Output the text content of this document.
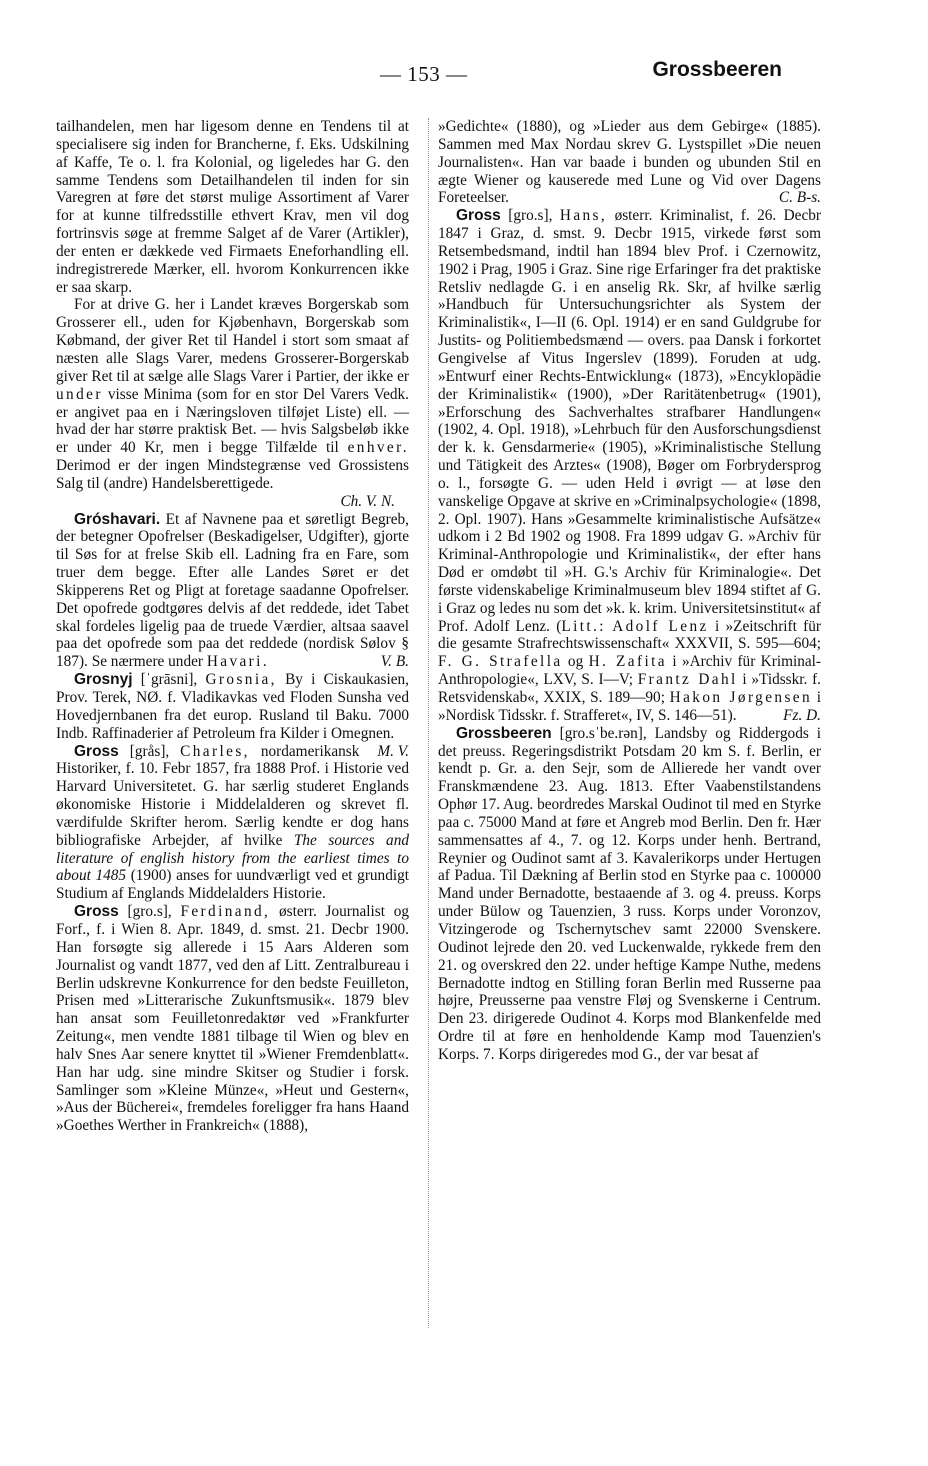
— 153 —	Grossbeeren

tailhandelen, men har ligesom denne en Tendens til at specialisere sig inden for Brancherne, f. Eks. Udskilning af Kaffe, Te o. l. fra Kolonial, og ligeledes har G. den samme Tendens som Detailhandelen til inden for sin Varegren at føre det størst mulige Assortiment af Varer for at kunne tilfredsstille ethvert Krav, men vil dog fortrinsvis søge at fremme Salget af de Varer (Artikler), der enten er dækkede ved Firmaets Eneforhandling ell. indregistrerede Mærker, ell. hvorom Konkurrencen ikke er saa skarp.

For at drive G. her i Landet kræves Borgerskab som Grosserer ell., uden for Kjøbenhavn, Borgerskab som Købmand, der giver Ret til Handel i stort som smaat af næsten alle Slags Varer, medens Grosserer-Borgerskab giver Ret til at sælge alle Slags Varer i Partier, der ikke er under visse Minima (som for en stor Del Varers Vedk. er angivet paa en i Næringsloven tilføjet Liste) ell. — hvad der har større praktisk Bet. — hvis Salgsbeløb ikke er under 40 Kr, men i begge Tilfælde til enhver. Derimod er der ingen Mindstegrænse ved Grossistens Salg til (andre) Handelsberettigede.
Ch. V. N.

Gróshavari. Et af Navnene paa et søretligt Begreb, der betegner Opofrelser (Beskadigelser, Udgifter), gjorte til Søs for at frelse Skib ell. Ladning fra en Fare, som truer dem begge. Efter alle Landes Søret er det Skipperens Ret og Pligt at foretage saadanne Opofrelser. Det opofrede godtgøres delvis af det reddede, idet Tabet skal fordeles ligelig paa de truede Værdier, altsaa saavel paa det opofrede som paa det reddede (nordisk Sølov § 187). Se nærmere under Havari.	V. B.

Grosnyj [ˈgrāsni], Grosnia, By i Ciskaukasien, Prov. Terek, NØ. f. Vladikavkas ved Floden Sunsha ved Hovedjernbanen fra det europ. Rusland til Baku. 7000 Indb. Raffinaderier af Petroleum fra Kilder i Omegnen.
M. V.

Gross [grås], Charles, nordamerikansk Historiker, f. 10. Febr 1857, fra 1888 Prof. i Historie ved Harvard Universitetet. G. har særlig studeret Englands økonomiske Historie i Middelalderen og skrevet fl. værdifulde Skrifter herom. Særlig kendte er dog hans bibliografiske Arbejder, af hvilke The sources and literature of english history from the earliest times to about 1485 (1900) anses for uundværligt ved et grundigt Studium af Englands Middelalders Historie.

Gross [gro.s], Ferdinand, østerr. Journalist og Forf., f. i Wien 8. Apr. 1849, d. smst. 21. Decbr 1900. Han forsøgte sig allerede i 15 Aars Alderen som Journalist og vandt 1877, ved den af Litt. Zentralbureau i Berlin udskrevne Konkurrence for den bedste Feuilleton, Prisen med »Litterarische Zukunftsmusik«. 1879 blev han ansat som Feuilletonredaktør ved »Frankfurter Zeitung«, men vendte 1881 tilbage til Wien og blev en halv Snes Aar senere knyttet til »Wiener Fremdenblatt«. Han har udg. sine mindre Skitser og Studier i forsk. Samlinger som »Kleine Münze«, »Heut und Gestern«, »Aus der Bücherei«, fremdeles foreligger fra hans Haand »Goethes Werther in Frankreich« (1888),

»Gedichte« (1880), og »Lieder aus dem Gebirge« (1885). Sammen med Max Nordau skrev G. Lystspillet »Die neuen Journalisten«. Han var baade i bunden og ubunden Stil en ægte Wiener og kauserede med Lune og Vid over Dagens Foreteelser.	C. B-s.

Gross [gro.s], Hans, østerr. Kriminalist, f. 26. Decbr 1847 i Graz, d. smst. 9. Decbr 1915, virkede først som Retsembedsmand, indtil han 1894 blev Prof. i Czernowitz, 1902 i Prag, 1905 i Graz. Sine rige Erfaringer fra det praktiske Retsliv nedlagde G. i en anselig Rk. Skr, af hvilke særlig »Handbuch für Untersuchungsrichter als System der Kriminalistik«, I—II (6. Opl. 1914) er en sand Guldgrube for Justits- og Politiembedsmænd — overs. paa Dansk i forkortet Gengivelse af Vitus Ingerslev (1899). Foruden at udg. »Entwurf einer Rechts-Entwicklung« (1873), »Encyklopädie der Kriminalistik« (1900), »Der Raritätenbetrug« (1901), »Erforschung des Sachverhaltes strafbarer Handlungen« (1902, 4. Opl. 1918), »Lehrbuch für den Ausforschungsdienst der k. k. Gensdarmerie« (1905), »Kriminalistische Stellung und Tätigkeit des Arztes« (1908), Bøger om Forbrydersprog o. l., forsøgte G. — uden Held i øvrigt — at løse den vanskelige Opgave at skrive en »Criminalpsychologie« (1898, 2. Opl. 1907). Hans »Gesammelte kriminalistische Aufsätze« udkom i 2 Bd 1902 og 1908. Fra 1899 udgav G. »Archiv für Kriminal-Anthropologie und Kriminalistik«, der efter hans Død er omdøbt til »H. G.'s Archiv für Kriminalogie«. Det første videnskabelige Kriminalmuseum blev 1894 stiftet af G. i Graz og ledes nu som det »k. k. krim. Universitetsinstitut« af Prof. Adolf Lenz. (Litt.: Adolf Lenz i »Zeitschrift für die gesamte Strafrechtswissenschaft« XXXVII, S. 595—604; F. G. Strafella og H. Zafita i »Archiv für Kriminal-Anthropologie«, LXV, S. I—V; Frantz Dahl i »Tidsskr. f. Retsvidenskab«, XXIX, S. 189—90; Hakon Jørgensen i »Nordisk Tidsskr. f. Strafferet«, IV, S. 146—51).	Fz. D.

Grossbeeren [gro.sˈbe.rən], Landsby og Riddergods i det preuss. Regeringsdistrikt Potsdam 20 km S. f. Berlin, er kendt p. Gr. a. den Sejr, som de Allierede her vandt over Franskmændene 23. Aug. 1813. Efter Vaabenstilstandens Ophør 17. Aug. beordredes Marskal Oudinot til med en Styrke paa c. 75000 Mand at føre et Angreb mod Berlin. Den fr. Hær sammensattes af 4., 7. og 12. Korps under henh. Bertrand, Reynier og Oudinot samt af 3. Kavalerikorps under Hertugen af Padua. Til Dækning af Berlin stod en Styrke paa c. 100000 Mand under Bernadotte, bestaaende af 3. og 4. preuss. Korps under Bülow og Tauenzien, 3 russ. Korps under Voronzov, Vitzingerode og Tschernytschev samt 22000 Svenskere. Oudinot lejrede den 20. ved Luckenwalde, rykkede frem den 21. og overskred den 22. under heftige Kampe Nuthe, medens Bernadotte indtog en Stilling foran Berlin med Russerne paa højre, Preusserne paa venstre Fløj og Svenskerne i Centrum. Den 23. dirigerede Oudinot 4. Korps mod Blankenfelde med Ordre til at føre en henholdende Kamp mod Tauenzien's Korps. 7. Korps dirigeredes mod G., der var besat af
